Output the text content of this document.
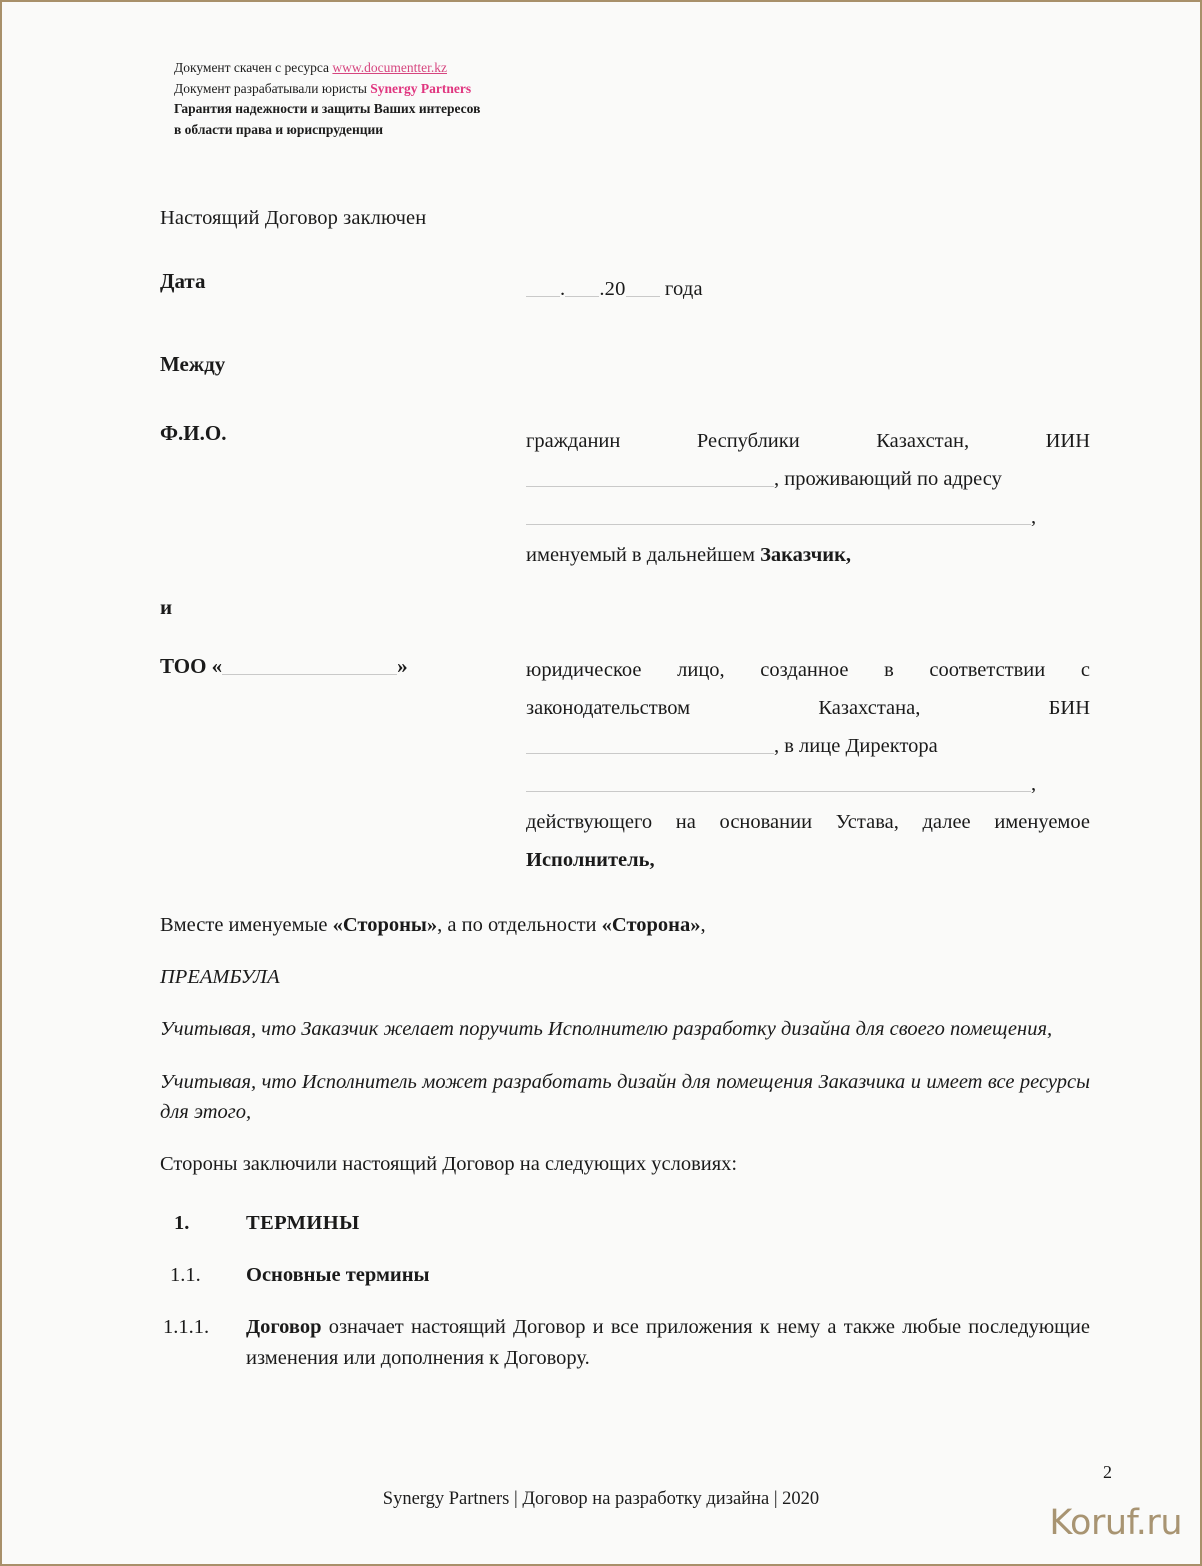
Документ скачен с ресурса www.documentter.kz
Документ разрабатывали юристы Synergy Partners
Гарантия надежности и защиты Ваших интересов
в области права и юриспруденции

Настоящий Договор заключен

Дата	. .20 года
Между
Ф.И.О.	гражданин Республики Казахстан, ИИН
, проживающий по адресу
,
именуемый в дальнейшем Заказчик,
и
ТОО «	»	юридическое лицо, созданное в соответствии с законодательством Казахстана, БИН
, в лице Директора
,
действующего на основании Устава, далее именуемое Исполнитель,

Вместе именуемые «Стороны», а по отдельности «Сторона»,

ПРЕАМБУЛА

Учитывая, что Заказчик желает поручить Исполнителю разработку дизайна для своего помещения,

Учитывая, что Исполнитель может разработать дизайн для помещения Заказчика и имеет все ресурсы для этого,

Стороны заключили настоящий Договор на следующих условиях:

1.	ТЕРМИНЫ
1.1.	Основные термины
1.1.1.	Договор означает настоящий Договор и все приложения к нему а также любые последующие изменения или дополнения к Договору.
2
Synergy Partners | Договор на разработку дизайна | 2020
Koruf.ru
